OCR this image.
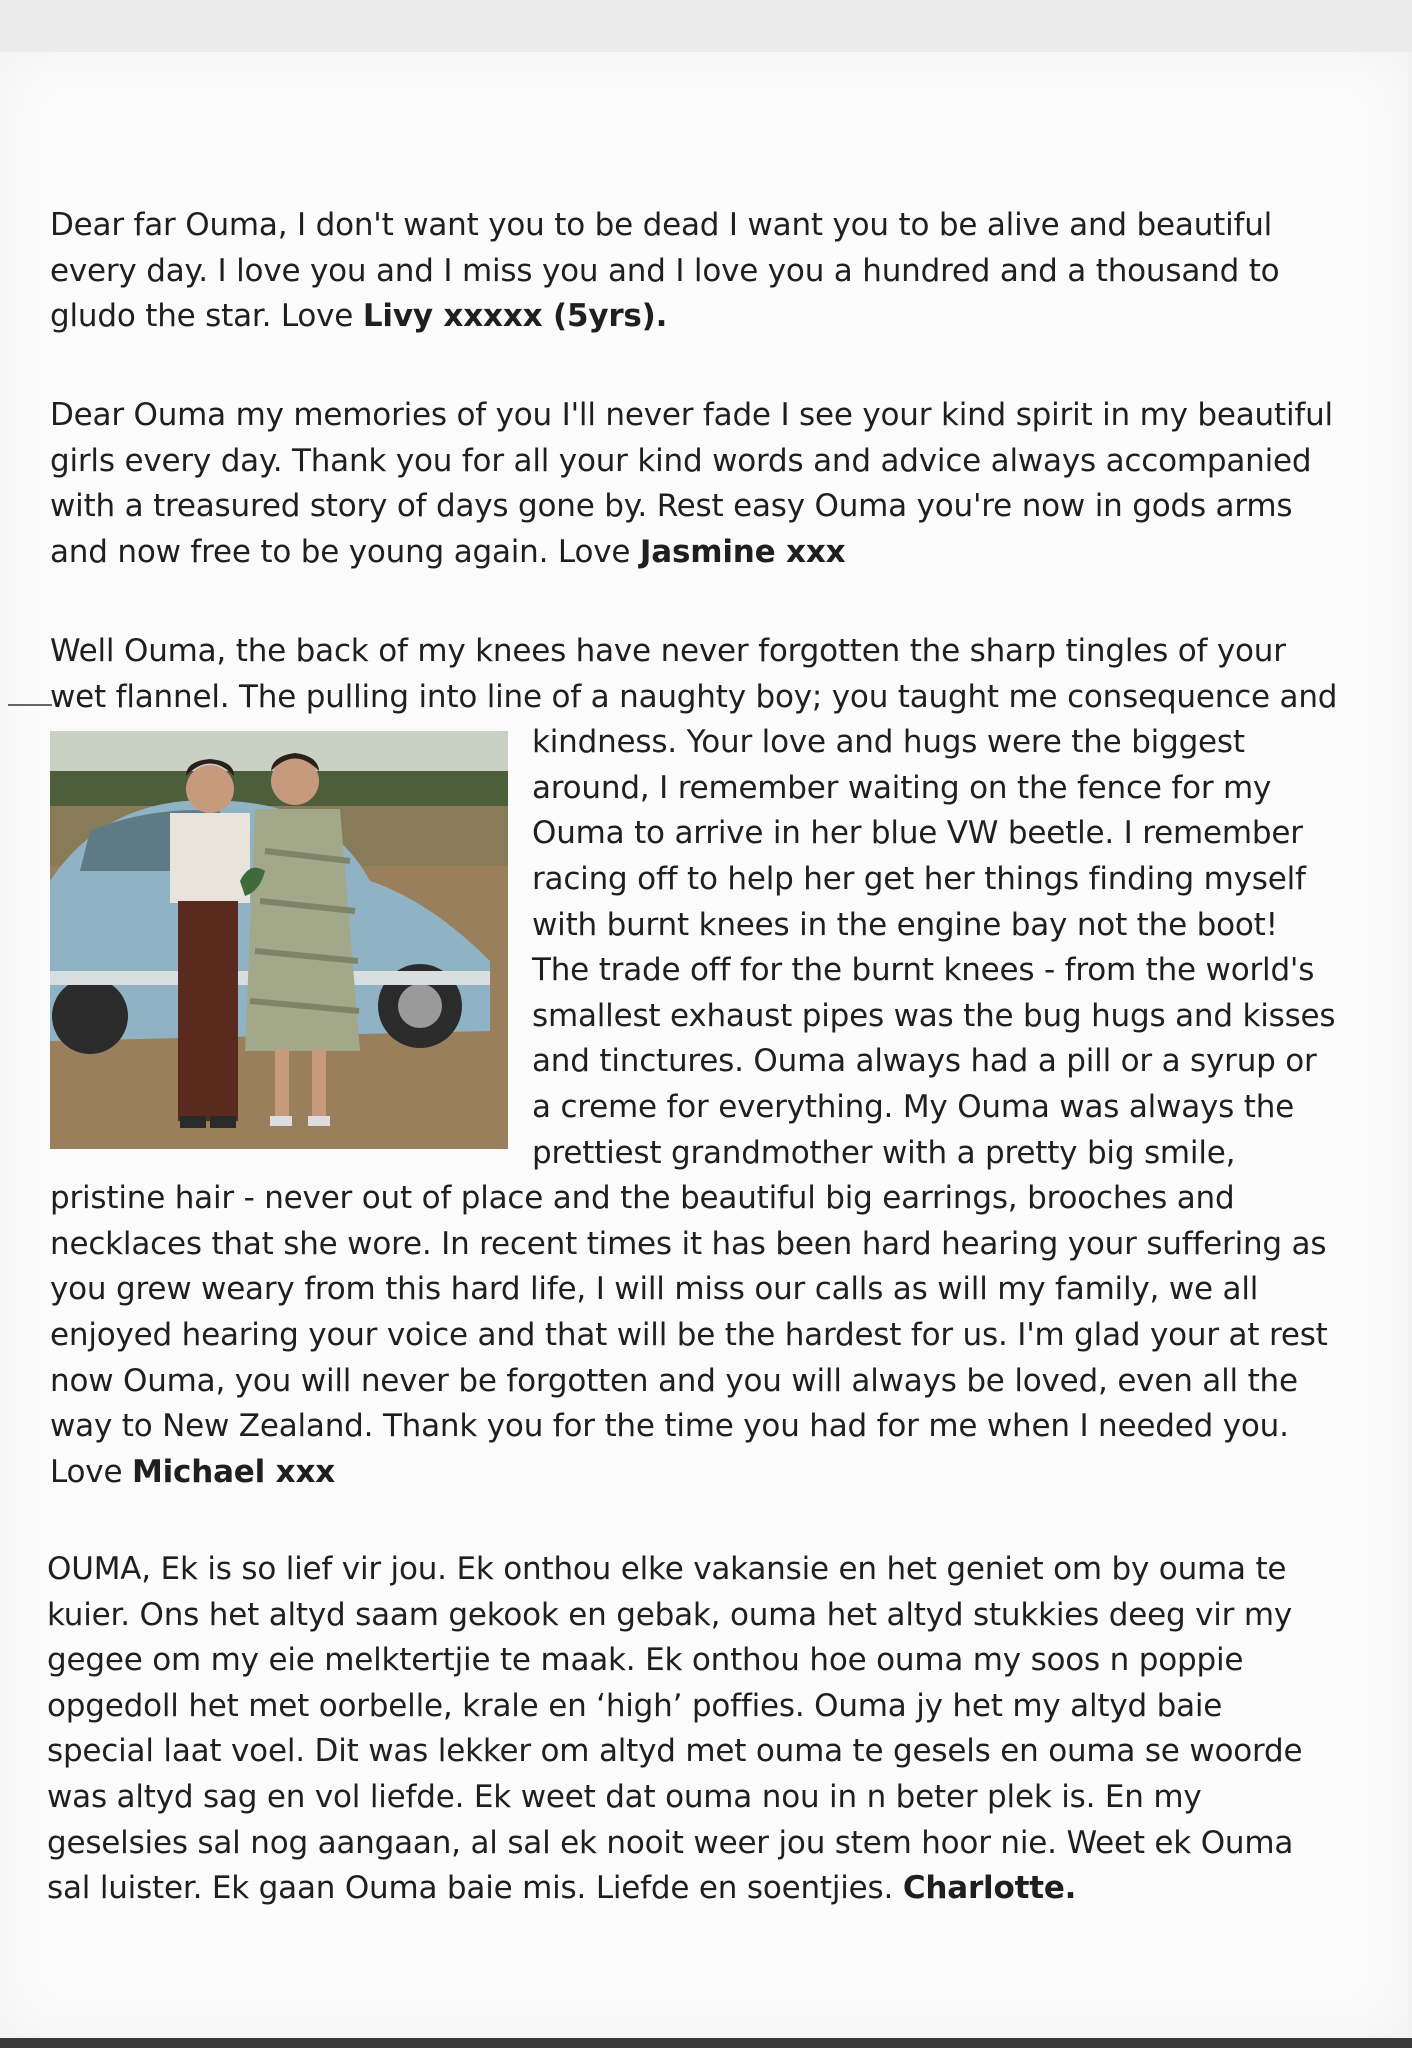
Dear far Ouma, I don't want you to be dead I want you to be alive and beautiful every day. I love you and I miss you and I love you a hundred and a thousand to gludo the star. Love Livy xxxxx (5yrs).
Dear Ouma my memories of you I'll never fade I see your kind spirit in my beautiful girls every day. Thank you for all your kind words and advice always accompanied with a treasured story of days gone by. Rest easy Ouma you're now in gods arms and now free to be young again. Love Jasmine xxx
Well Ouma, the back of my knees have never forgotten the sharp tingles of your wet flannel. The pulling into line of a naughty boy; you taught me
consequence and kindness. Your love and hugs were the biggest around, I remember waiting on the fence for my Ouma to arrive in her blue VW beetle. I remember racing off to help her get her things finding myself with burnt knees in the engine bay not the boot! The trade off for the burnt knees - from the world's smallest exhaust pipes was the bug hugs and kisses and tinctures. Ouma always had a pill or a syrup or a creme for everything. My Ouma was always the prettiest grandmother with a pretty big smile, pristine hair - never out of place and the beautiful big earrings, brooches and necklaces that she wore. In recent times it has been hard hearing your suffering as you grew weary from this hard life, I will miss our calls as will my family, we all enjoyed hearing your voice and that will be the hardest for us. I'm glad your at rest now Ouma, you will never be forgotten and you will always be loved, even all the way to New Zealand. Thank you for the time you had for me when I needed you. Love Michael xxx
OUMA, Ek is so lief vir jou. Ek onthou elke vakansie en het geniet om by ouma te kuier. Ons het altyd saam gekook en gebak, ouma het altyd stukkies deeg vir my gegee om my eie melktertjie te maak. Ek onthou hoe ouma my soos n poppie opgedoll het met oorbelle, krale en ‘high’ poffies. Ouma jy het my altyd baie special laat voel. Dit was lekker om altyd met ouma te gesels en ouma se woorde was altyd sag en vol liefde. Ek weet dat ouma nou in n beter plek is. En my geselsies sal nog aangaan, al sal ek nooit weer jou stem hoor nie. Weet ek Ouma sal luister. Ek gaan Ouma baie mis. Liefde en soentjies. Charlotte.
